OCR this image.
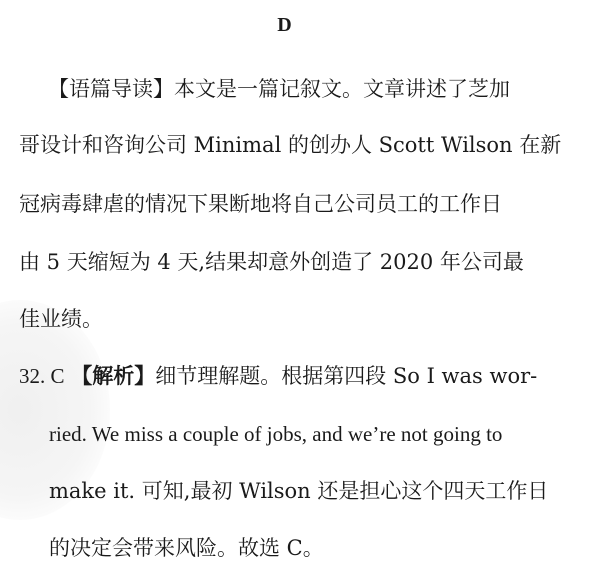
D
【语篇导读】本文是一篇记叙文。文章讲述了芝加
哥设计和咨询公司 Minimal 的创办人 Scott Wilson 在新
冠病毒肆虐的情况下果断地将自己公司员工的工作日
由 5 天缩短为 4 天,结果却意外创造了 2020 年公司最
佳业绩。
32. C 【解析】细节理解题。根据第四段 So I was wor-
ried. We miss a couple of jobs, and we’re not going to
make it. 可知,最初 Wilson 还是担心这个四天工作日
的决定会带来风险。故选 C。
